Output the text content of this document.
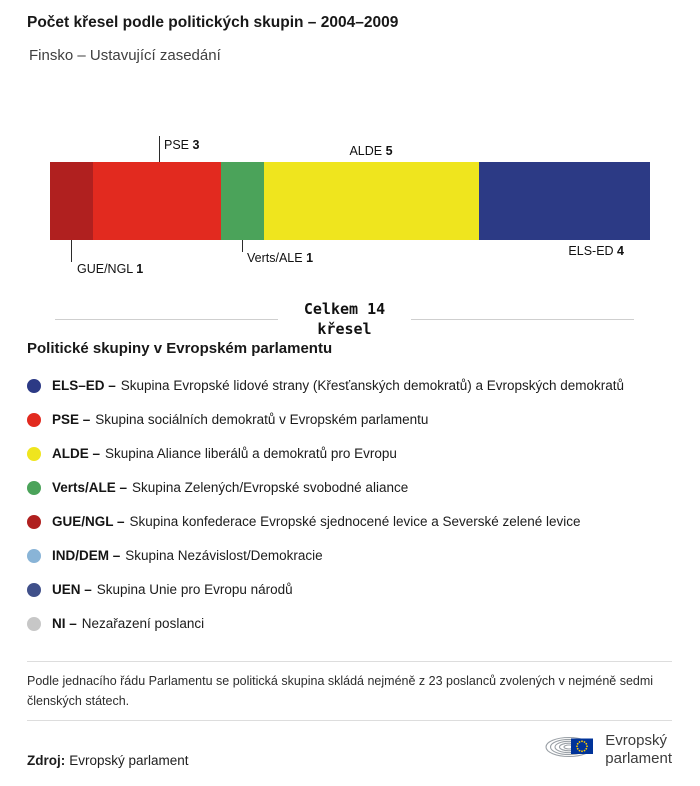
Počet křesel podle politických skupin – 2004–2009
Finsko – Ustavující zasedání
PSE 3	ALDE 5
ELS-ED 4
GUE/NGL 1
Verts/ALE 1
Celkem 14
křesel
Politické skupiny v Evropském parlamentu
ELS–ED – Skupina Evropské lidové strany (Křesťanských demokratů) a Evropských demokratů
PSE – Skupina sociálních demokratů v Evropském parlamentu
ALDE – Skupina Aliance liberálů a demokratů pro Evropu
Verts/ALE – Skupina Zelených/Evropské svobodné aliance
GUE/NGL – Skupina konfederace Evropské sjednocené levice a Severské zelené levice
IND/DEM – Skupina Nezávislost/Demokracie
UEN – Skupina Unie pro Evropu národů
NI – Nezařazení poslanci
Podle jednacího řádu Parlamentu se politická skupina skládá nejméně z 23 poslanců zvolených v nejméně sedmi členských státech.
Zdroj: Evropský parlament
Evropský
parlament
